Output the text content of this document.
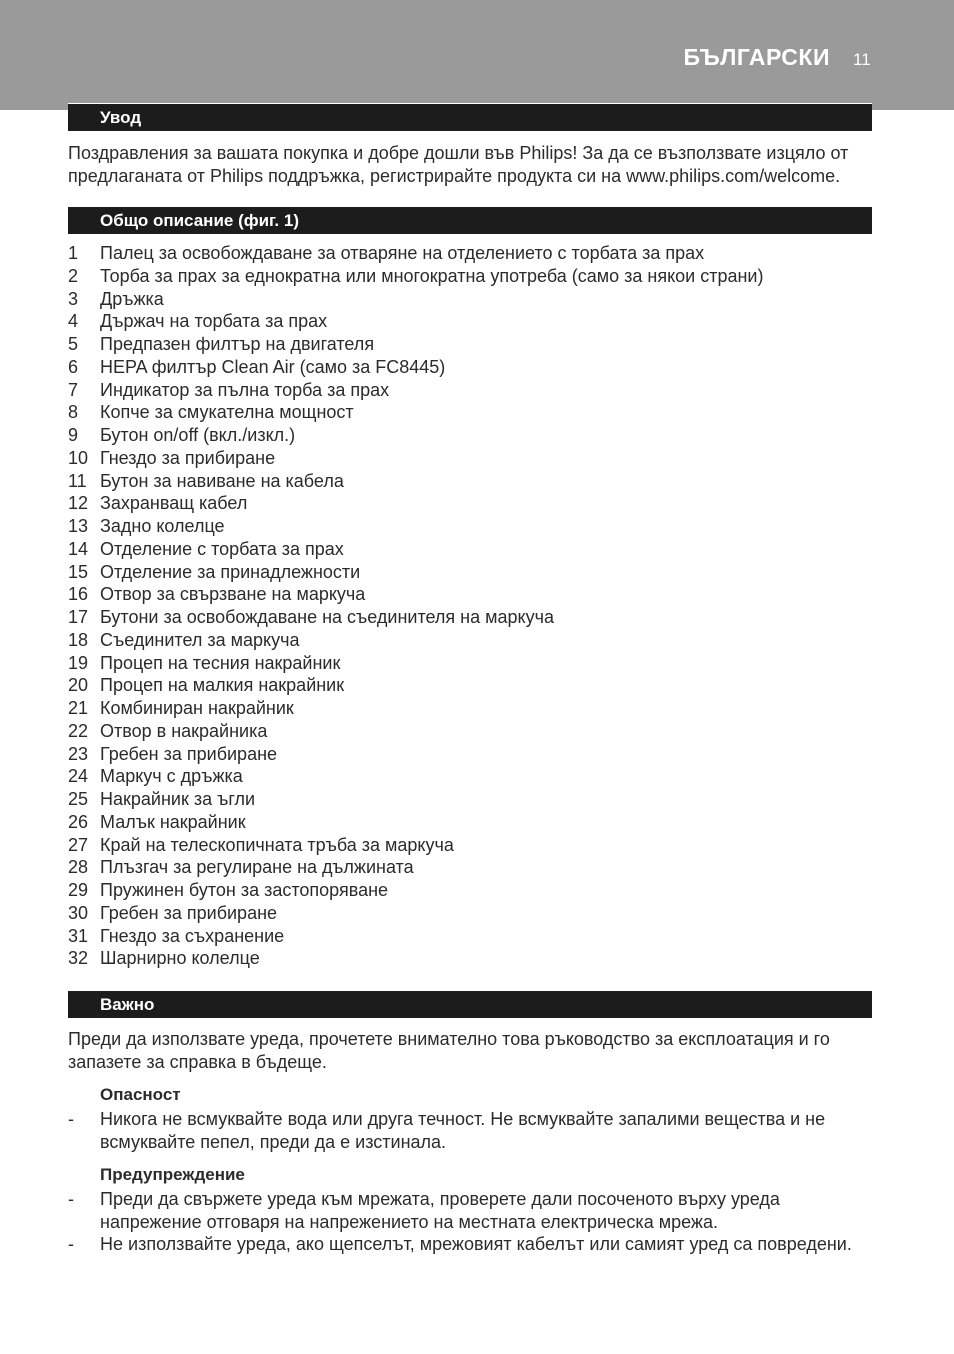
БЪЛГАРСКИ 11
Увод
Поздравления за вашата покупка и добре дошли във Philips! За да се възползвате изцяло от предлаганата от Philips поддръжка, регистрирайте продукта си на www.philips.com/welcome.
Общо описание (фиг. 1)
1 Палец за освобождаване за отваряне на отделението с торбата за прах
2 Торба за прах за еднократна или многократна употреба (само за някои страни)
3 Дръжка
4 Държач на торбата за прах
5 Предпазен филтър на двигателя
6 HEPA филтър Clean Air (само за FC8445)
7 Индикатор за пълна торба за прах
8 Копче за смукателна мощност
9 Бутон on/off (вкл./изкл.)
10 Гнездо за прибиране
11 Бутон за навиване на кабела
12 Захранващ кабел
13 Задно колелце
14 Отделение с торбата за прах
15 Отделение за принадлежности
16 Отвор за свързване на маркуча
17 Бутони за освобождаване на съединителя на маркуча
18 Съединител за маркуча
19 Процеп на тесния накрайник
20 Процеп на малкия накрайник
21 Комбиниран накрайник
22 Отвор в накрайника
23 Гребен за прибиране
24 Маркуч с дръжка
25 Накрайник за ъгли
26 Малък накрайник
27 Край на телескопичната тръба за маркуча
28 Плъзгач за регулиране на дължината
29 Пружинен бутон за застопоряване
30 Гребен за прибиране
31 Гнездо за съхранение
32 Шарнирно колелце
Важно
Преди да използвате уреда, прочетете внимателно това ръководство за експлоатация и го запазете за справка в бъдеще.
Опасност
- Никога не всмуквайте вода или друга течност. Не всмуквайте запалими вещества и не всмуквайте пепел, преди да е изстинала.
Предупреждение
- Преди да свържете уреда към мрежата, проверете дали посоченото върху уреда напрежение отговаря на напрежението на местната електрическа мрежа.
- Не използвайте уреда, ако щепселът, мрежовият кабелът или самият уред са повредени.
